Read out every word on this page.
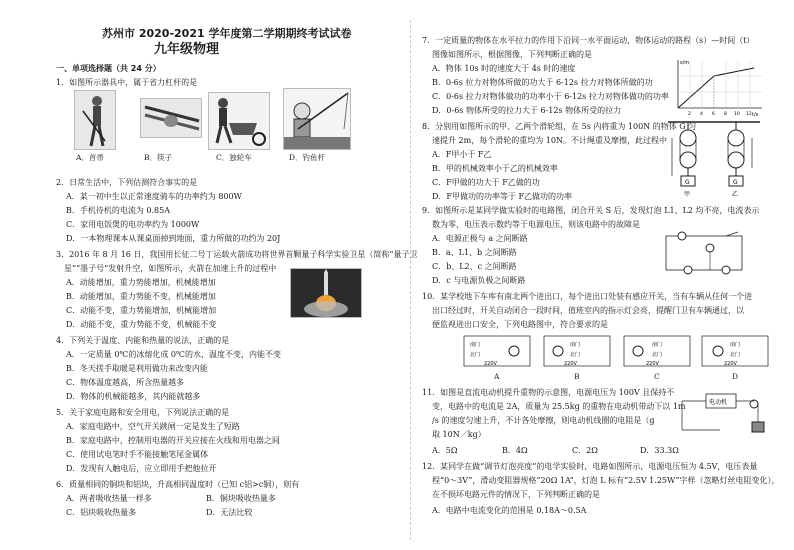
苏州市 2020-2021 学年度第二学期期终考试试卷
九年级物理
一、单项选择题（共 24 分）
1．如图所示器具中，属于省力杠杆的是
A．首帚	B．筷子	C．独轮车	D．钓鱼杆
2．日常生活中，下列估测符合事实的是
A．某一初中生以正常速度骑车的功率约为 800W
B．手机待机的电流为 0.85A
C．家用电饭煲的电功率约为 1000W
D．一本物理课本从课桌面掉到地面，重力所做的功约为 20J
3．2016 年 8 月 16 日，我国用长征二号丁运载火箭成功将世界首颗量子科学实验卫星（简称“量子卫
星”“墨子号”发射升空，如图所示，火箭在加速上升的过程中
A．动能增加，重力势能增加，机械能增加
B．动能增加，重力势能不变，机械能增加
C．动能不变，重力势能增加，机械能增加
D．动能不变，重力势能不变，机械能不变
4．下列关于温度、内能和热量的说法，正确的是
A．一定质量 0℃的冰熔化成 0℃的水，温度不变，内能不变
B．冬天搓手取暖是利用做功来改变内能
C．物体温度越高，所含热量越多
D．物体的机械能越多，其内能就越多
5．关于家庭电路和安全用电，下列说法正确的是
A．家庭电路中，空气开关跳闸一定是发生了短路
B．家庭电路中，控制用电器的开关应接在火线和用电器之间
C．使用试电笔时手不能接触笔尾金属体
D．发现有人触电后，应立即用手把他拉开
6．质量相同的铜块和铝块，升高相同温度时（已知 c铝>c铜），则有
A．两者吸收热量一样多	B．铜块吸收热量多
C．铝块吸收热量多	D．无法比较
7．一定质量的物体在水平拉力的作用下沿同一水平面运动，物体运动的路程（s）—时间（t）
图像如图所示，根据图像，下列判断正确的是
A．物体 10s 时的速度大于 4s 时的速度
B．0-6s 拉力对物体所做的功大于 6-12s 拉力对物体所做的功
C．0-6s 拉力对物体做功的功率小于 6-12s 拉力对物体做功的功率
D．0-6s 物体所受的拉力大于 6-12s 物体所受的拉力
s/m
t/s
2 4 6 8 10 12
8．分别用如图所示的甲、乙两个滑轮组，在 5s 内将重为 100N 的物体 G 匀
速提升 2m，每个滑轮的重均为 10N。不计绳重及摩擦，此过程中
A．F甲小于 F乙
B．甲的机械效率小于乙的机械效率
C．F甲做的功大于 F乙做的功
D．F甲做功的功率等于 F乙做功的功率
G
甲
G
乙
9．如图所示是某同学做实验时的电路图，闭合开关 S 后，发现灯泡 L1、L2 均不亮，电流表示
数为零，电压表示数约等于电源电压，则该电路中的故障是
A．电源正极与 a 之间断路
B．a、L1、b 之间断路
C．b、L2、c 之间断路
D．c 与电源负极之间断路
10．某学校地下车库有南北两个进出口，每个进出口处装有感应开关，当有车辆从任何一个进
出口经过时，开关自动闭合一段时间，值班室内的指示灯会亮，提醒门卫有车辆通过，以
便监视进出口安全，下列电路图中，符合要求的是
南门
北门
220V
南门
北门
220V
南门
北门
220V
南门
北门
220V
A	B	C	D
11．如图是直流电动机提升重物的示意图，电源电压为 100V 且保持不
变，电路中的电流是 2A，质量为 25.5kg 的重物在电动机带动下以 1m
/s 的速度匀速上升，不计各处摩擦，则电动机线圈的电阻是（g
取 10N／kg）
A．5Ω	B．4Ω	C．2Ω	D．33.3Ω
电动机
12．某同学在做“调节灯泡亮度”的电学实验时，电路如图所示，电源电压恒为 4.5V，电压表量
程“0～3V”，滑动变阻器规格“20Ω 1A”，灯泡 L 标有“2.5V 1.25W”字样（忽略灯丝电阻变化），
在不损坏电路元件的情况下，下列判断正确的是
A．电路中电流变化的范围是 0.18A～0.5A
